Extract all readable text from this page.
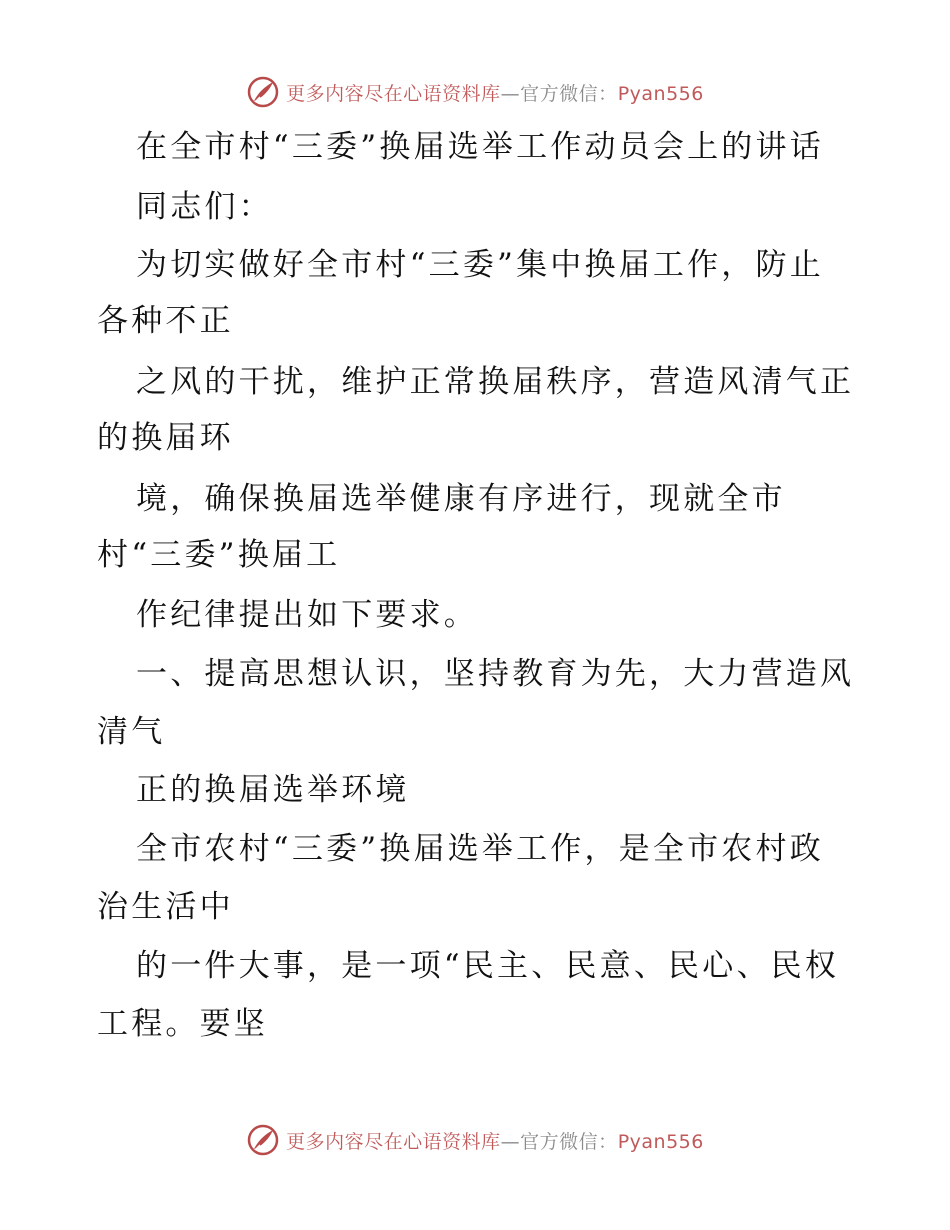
更多内容尽在心语资料库—官方微信：Pyan556
在全市村“三委”换届选举工作动员会上的讲话
同志们：
为切实做好全市村“三委”集中换届工作，防止
各种不正
之风的干扰，维护正常换届秩序，营造风清气正
的换届环
境，确保换届选举健康有序进行，现就全市
村“三委”换届工
作纪律提出如下要求。
一、提高思想认识，坚持教育为先，大力营造风
清气
正的换届选举环境
全市农村“三委”换届选举工作，是全市农村政
治生活中
的一件大事，是一项“民主、民意、民心、民权
工程。要坚
更多内容尽在心语资料库—官方微信：Pyan556
